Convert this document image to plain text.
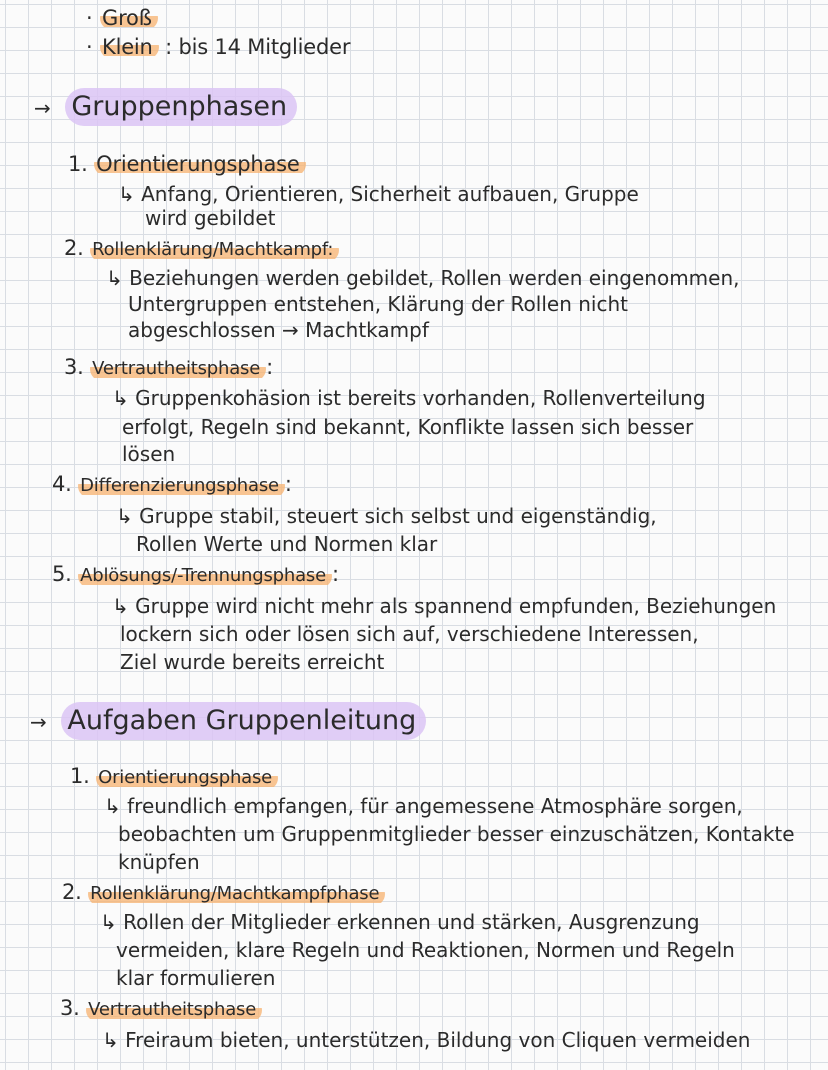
· Groß
· Klein : bis 14 Mitglieder
→ Gruppenphasen
1. Orientierungsphase
↳ Anfang, Orientieren, Sicherheit aufbauen, Gruppe
wird gebildet
2. Rollenklärung/Machtkampf:
↳ Beziehungen werden gebildet, Rollen werden eingenommen,
Untergruppen entstehen, Klärung der Rollen nicht
abgeschlossen → Machtkampf
3. Vertrautheitsphase :
↳ Gruppenkohäsion ist bereits vorhanden, Rollenverteilung
erfolgt, Regeln sind bekannt, Konflikte lassen sich besser
lösen
4. Differenzierungsphase :
↳ Gruppe stabil, steuert sich selbst und eigenständig,
Rollen Werte und Normen klar
5. Ablösungs/-Trennungsphase :
↳ Gruppe wird nicht mehr als spannend empfunden, Beziehungen
lockern sich oder lösen sich auf, verschiedene Interessen,
Ziel wurde bereits erreicht
→ Aufgaben Gruppenleitung
1. Orientierungsphase
↳ freundlich empfangen, für angemessene Atmosphäre sorgen,
beobachten um Gruppenmitglieder besser einzuschätzen, Kontakte
knüpfen
2. Rollenklärung/Machtkampfphase
↳ Rollen der Mitglieder erkennen und stärken, Ausgrenzung
vermeiden, klare Regeln und Reaktionen, Normen und Regeln
klar formulieren
3. Vertrautheitsphase
↳ Freiraum bieten, unterstützen, Bildung von Cliquen vermeiden
